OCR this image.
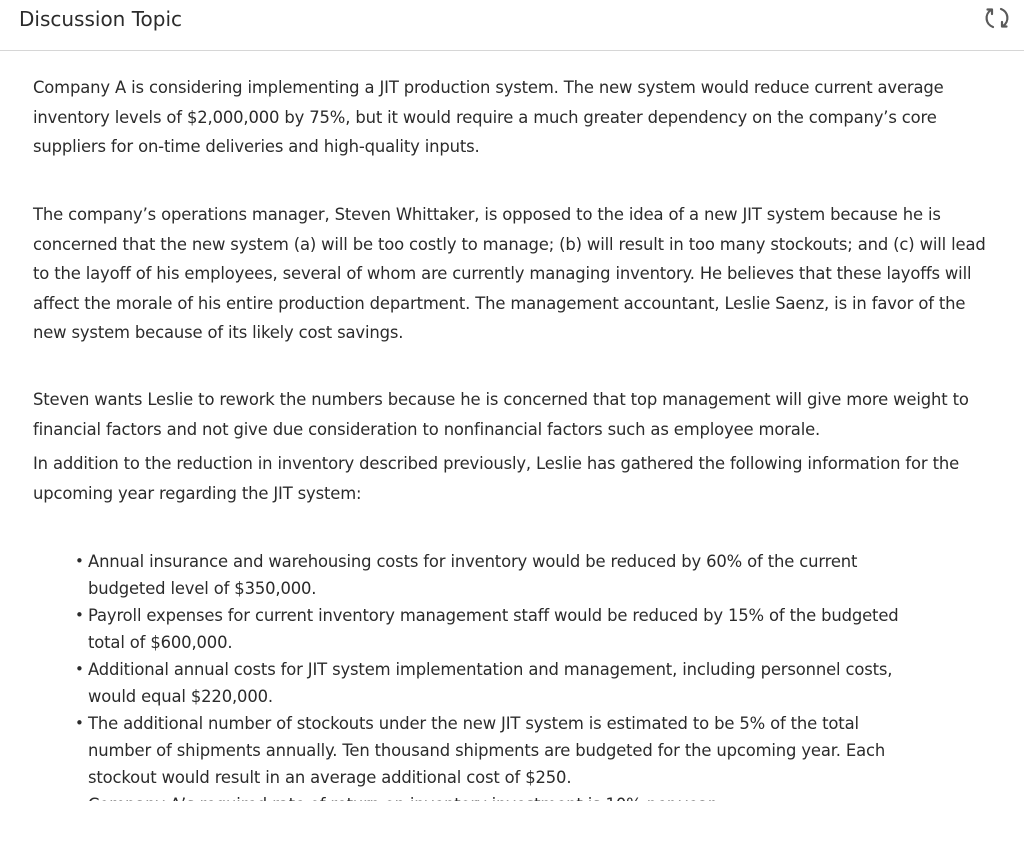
Discussion Topic

Company A is considering implementing a JIT production system. The new system would reduce current average inventory levels of $2,000,000 by 75%, but it would require a much greater dependency on the company’s core suppliers for on-time deliveries and high-quality inputs.

The company’s operations manager, Steven Whittaker, is opposed to the idea of a new JIT system because he is concerned that the new system (a) will be too costly to manage; (b) will result in too many stockouts; and (c) will lead to the layoff of his employees, several of whom are currently managing inventory. He believes that these layoffs will affect the morale of his entire production department. The management accountant, Leslie Saenz, is in favor of the new system because of its likely cost savings.

Steven wants Leslie to rework the numbers because he is concerned that top management will give more weight to financial factors and not give due consideration to nonfinancial factors such as employee morale.

In addition to the reduction in inventory described previously, Leslie has gathered the following information for the upcoming year regarding the JIT system:

• Annual insurance and warehousing costs for inventory would be reduced by 60% of the current budgeted level of $350,000.
• Payroll expenses for current inventory management staff would be reduced by 15% of the budgeted total of $600,000.
• Additional annual costs for JIT system implementation and management, including personnel costs, would equal $220,000.
• The additional number of stockouts under the new JIT system is estimated to be 5% of the total number of shipments annually. Ten thousand shipments are budgeted for the upcoming year. Each stockout would result in an average additional cost of $250.
•
